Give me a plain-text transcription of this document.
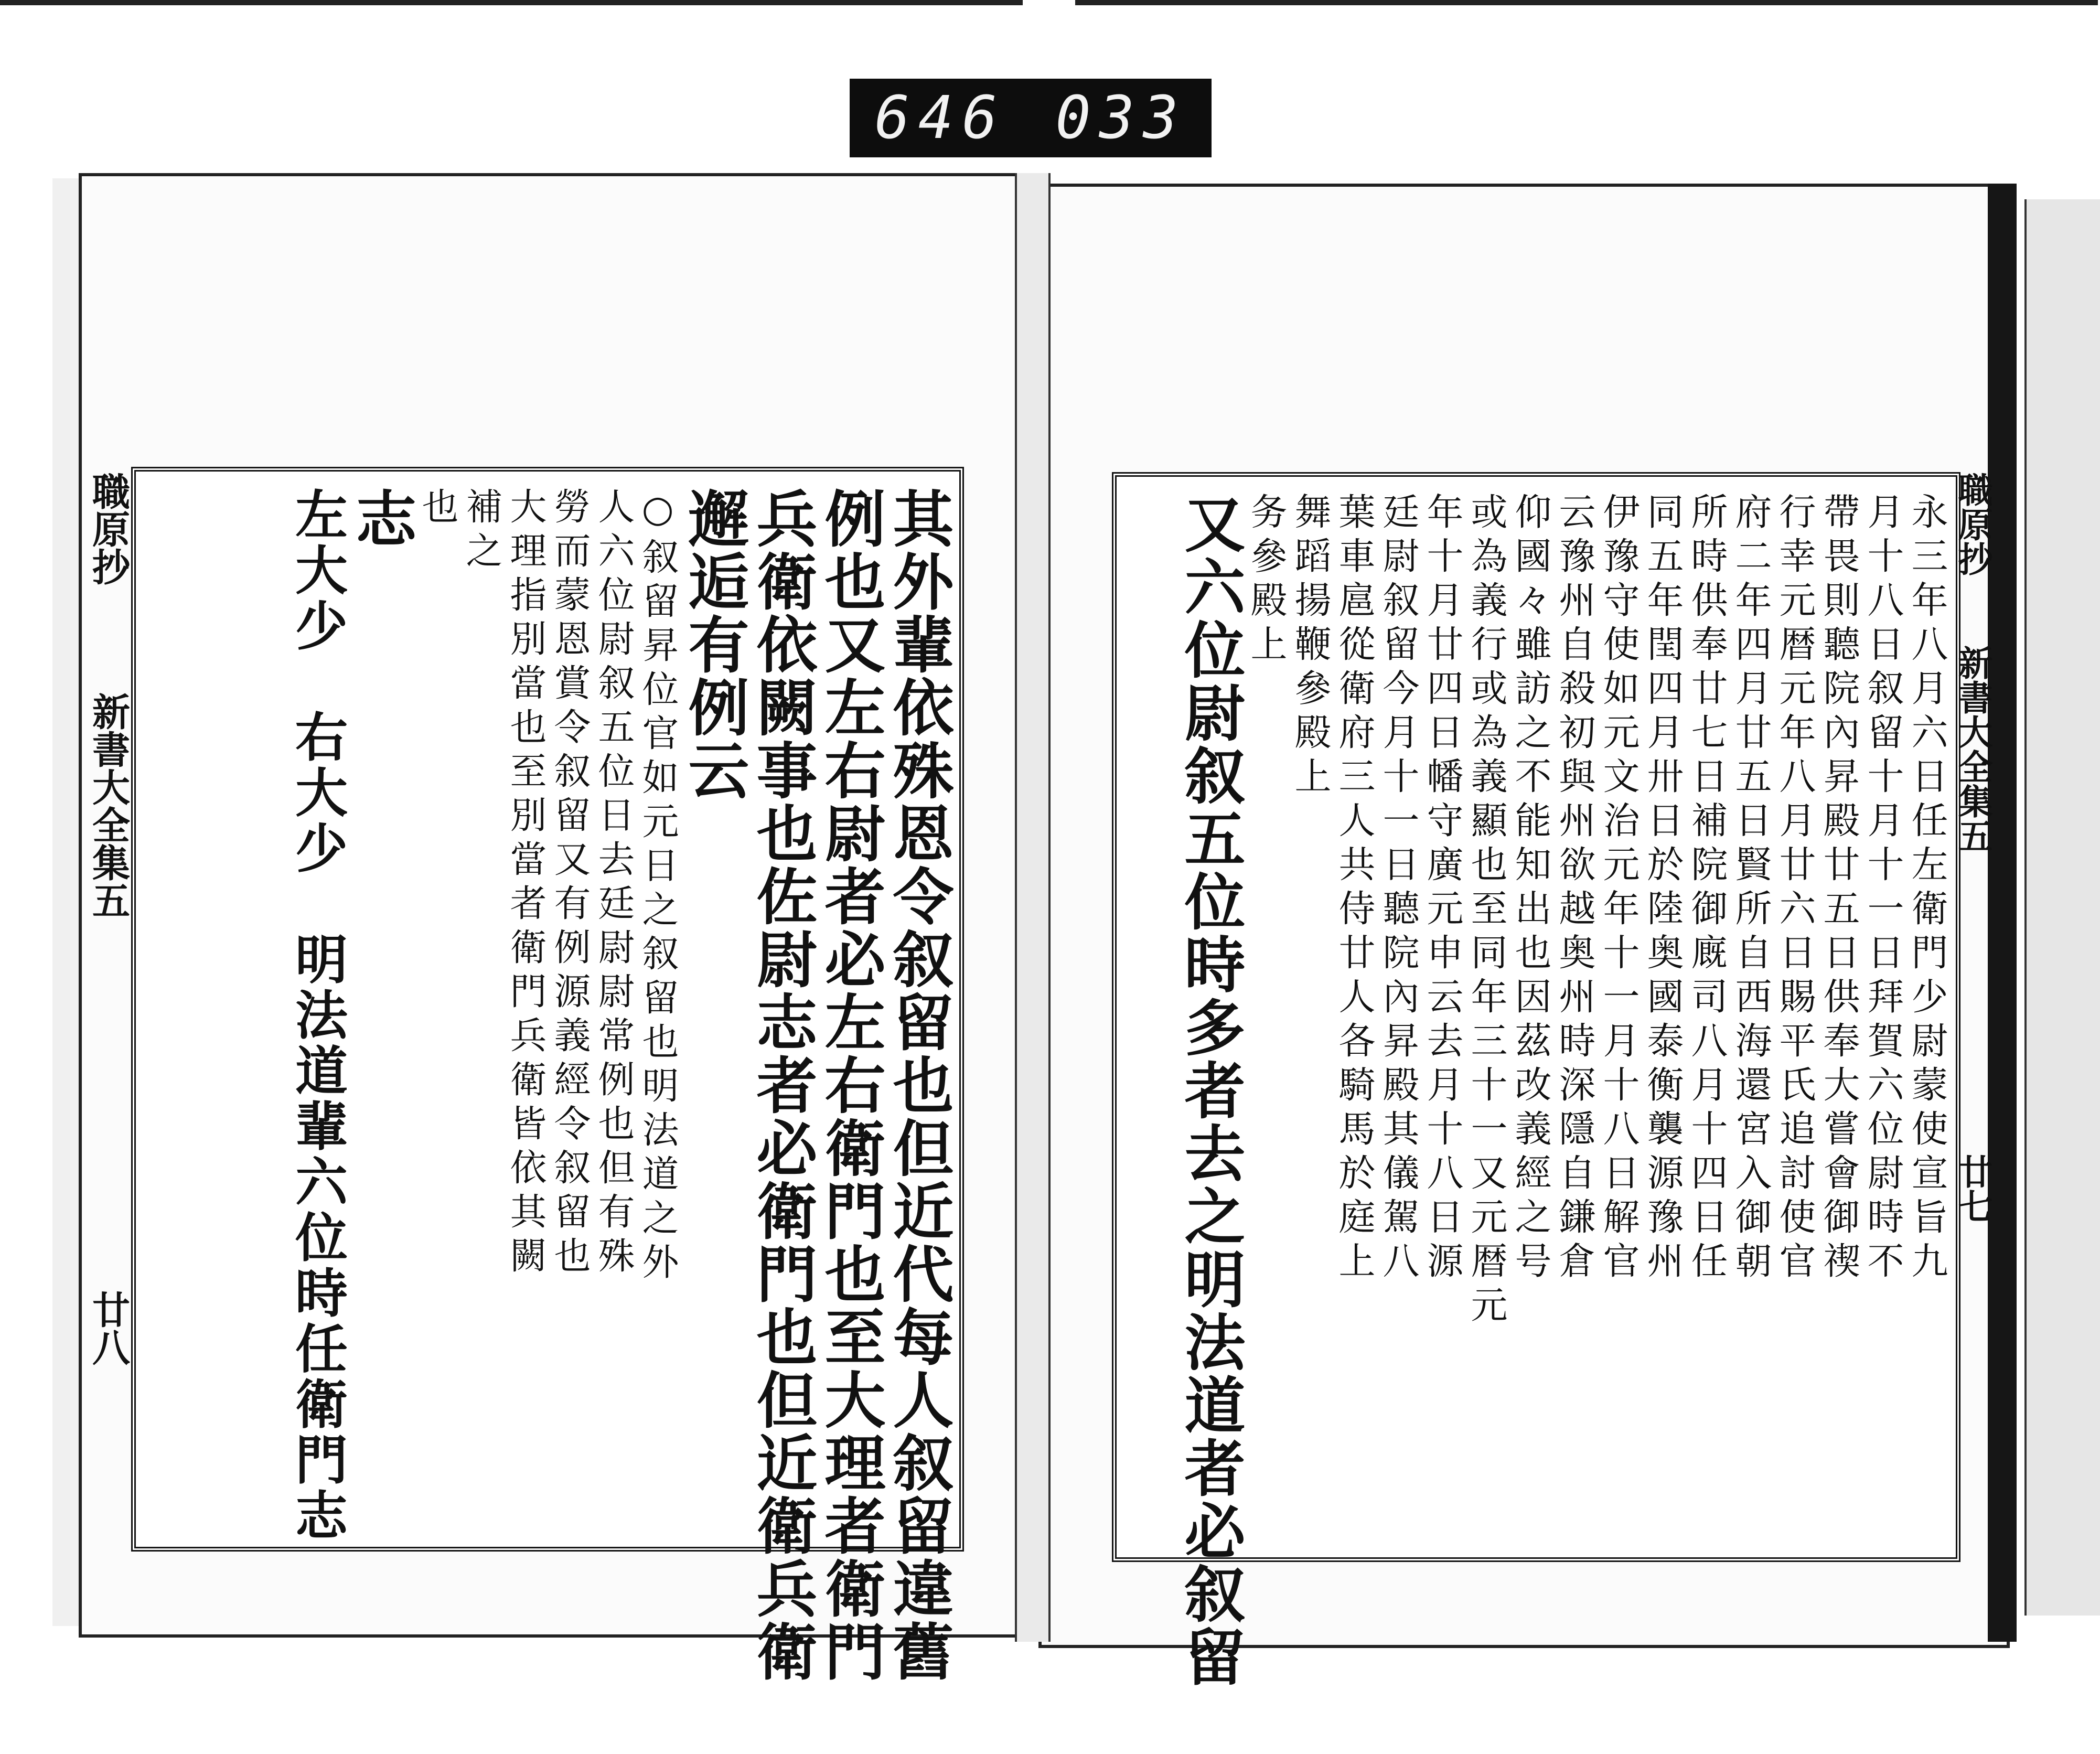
646 033
職原抄
新書大全集五
廿八	其外輩依殊恩令叙留也但近代每人叙留違舊
例也又左右尉者必左右衛門也至大理者衛門
兵衛依闕事也佐尉志者必衛門也但近衛兵衛
邂逅有例云
○叙留昇位官如元日之叙留也明法道之外
人六位尉叙五位日去廷尉尉常例也但有殊
勞而蒙恩賞令叙留又有例源義經令叙留也
大理指別當也至別當者衛門兵衛皆依其闕
補之
也
志
左大少　右大少　明法道輩六位時任衛門志	永三年八月六日任左衛門少尉蒙使宣旨九
月十八日叙留十月十一日拜賀六位尉時不
帶畏則聽院內昇殿廿五日供奉大嘗會御禊
行幸元暦元年八月廿六日賜平氏追討使官
府二年四月廿五日賢所自西海還宮入御朝
所時供奉廿七日補院御廐司八月十四日任
同五年閏四月卅日於陸奥國泰衡襲源豫州
伊豫守使如元文治元年十一月十八日解官
云豫州自殺初與州欲越奥州時深隱自鎌倉
仰國々雖訪之不能知出也因茲改義經之号
或為義行或為義顯也至同年三十一又元暦元
年十月廿四日幡守廣元申云去月十八日源
廷尉叙留今月十一日聽院內昇殿其儀駕八
葉車扈從衛府三人共侍廿人各騎馬於庭上
舞蹈揚鞭參殿上
务參殿上
又六位尉叙五位時多者去之明法道者必叙留	職原抄
新書大全集五
廿七
